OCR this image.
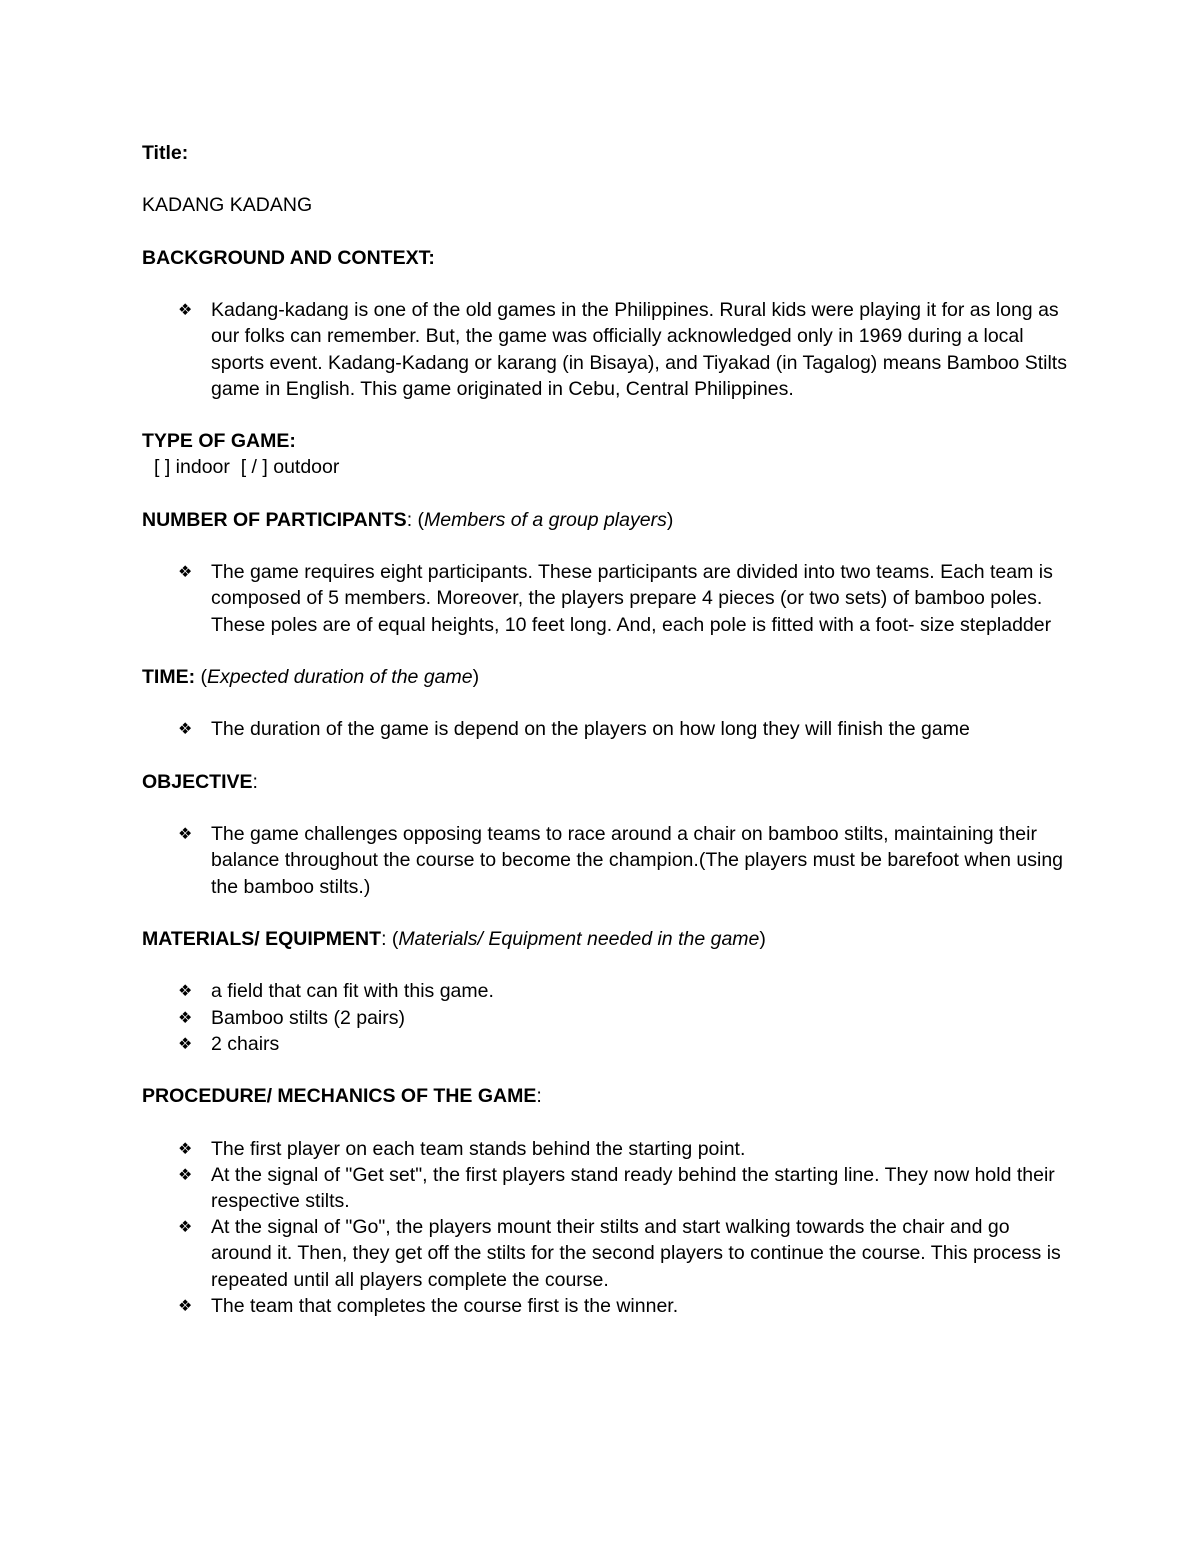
Title:

KADANG KADANG

BACKGROUND AND CONTEXT:

❖ Kadang-kadang is one of the old games in the Philippines. Rural kids were playing it for as long as our folks can remember. But, the game was officially acknowledged only in 1969 during a local sports event. Kadang-Kadang or karang (in Bisaya), and Tiyakad (in Tagalog) means Bamboo Stilts game in English. This game originated in Cebu, Central Philippines.

TYPE OF GAME:

[ ] indoor  [ / ] outdoor

NUMBER OF PARTICIPANTS: (Members of a group players)

❖ The game requires eight participants. These participants are divided into two teams. Each team is composed of 5 members. Moreover, the players prepare 4 pieces (or two sets) of bamboo poles. These poles are of equal heights, 10 feet long. And, each pole is fitted with a foot- size stepladder

TIME: (Expected duration of the game)

❖ The duration of the game is depend on the players on how long they will finish the game

OBJECTIVE:

❖ The game challenges opposing teams to race around a chair on bamboo stilts, maintaining their balance throughout the course to become the champion.(The players must be barefoot when using the bamboo stilts.)

MATERIALS/ EQUIPMENT: (Materials/ Equipment needed in the game)

❖ a field that can fit with this game.
❖ Bamboo stilts (2 pairs)
❖ 2 chairs

PROCEDURE/ MECHANICS OF THE GAME:

❖ The first player on each team stands behind the starting point.
❖ At the signal of "Get set", the first players stand ready behind the starting line. They now hold their respective stilts.
❖ At the signal of "Go", the players mount their stilts and start walking towards the chair and go around it. Then, they get off the stilts for the second players to continue the course. This process is repeated until all players complete the course.
❖ The team that completes the course first is the winner.
